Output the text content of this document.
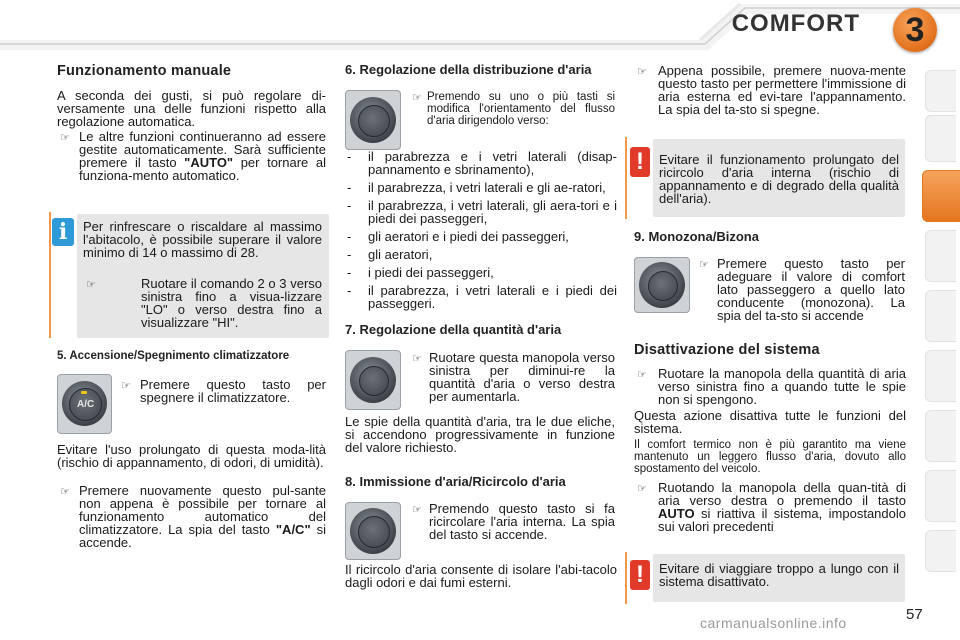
COMFORT	3
Funzionamento manuale
A seconda dei gusti, si può regolare di-versamente una delle funzioni rispetto alla regolazione automatica.
☞ Le altre funzioni continueranno ad essere gestite automaticamente. Sarà sufficiente premere il tasto "AUTO" per tornare al funziona-mento automatico.
i	Per rinfrescare o riscaldare al massimo l'abitacolo, è possibile superare il valore minimo di 14 o massimo di 28.
☞	Ruotare il comando 2 o 3 verso sinistra fino a visua-lizzare "LO" o verso destra fino a visualizzare "HI".
5. Accensione/Spegnimento climatizzatore
A/C
☞ Premere questo tasto per spegnere il climatizzatore.
Evitare l'uso prolungato di questa moda-lità (rischio di appannamento, di odori, di umidità).
☞ Premere nuovamente questo pul-sante non appena è possibile per tornare al funzionamento automatico del climatizzatore. La spia del tasto "A/C" si accende.
6. Regolazione della distribuzione d'aria
☞ Premendo su uno o più tasti si modifica l'orientamento del flusso d'aria dirigendolo verso:
- il parabrezza e i vetri laterali (disap-pannamento e sbrinamento),
- il parabrezza, i vetri laterali e gli ae-ratori,
- il parabrezza, i vetri laterali, gli aera-tori e i piedi dei passeggeri,
- gli aeratori e i piedi dei passeggeri,
- gli aeratori,
- i piedi dei passeggeri,
- il parabrezza, i vetri laterali e i piedi dei passeggeri.
7. Regolazione della quantità d'aria
☞ Ruotare questa manopola verso sinistra per diminui-re la quantità d'aria o verso destra per aumentarla.
Le spie della quantità d'aria, tra le due eliche, si accendono progressivamente in funzione del valore richiesto.
8. Immissione d'aria/Ricircolo d'aria
☞ Premendo questo tasto si fa ricircolare l'aria interna. La spia del tasto si accende.
Il ricircolo d'aria consente di isolare l'abi-tacolo dagli odori e dai fumi esterni.
☞ Appena possibile, premere nuova-mente questo tasto per permettere l'immissione di aria esterna ed evi-tare l'appannamento. La spia del ta-sto si spegne.
!	Evitare il funzionamento prolungato del ricircolo d'aria interna (rischio di appannamento e di degrado della qualità dell'aria).
9. Monozona/Bizona
☞ Premere questo tasto per adeguare il valore di comfort lato passeggero a quello lato conducente (monozona). La spia del ta-sto si accende
Disattivazione del sistema
☞ Ruotare la manopola della quantità di aria verso sinistra fino a quando tutte le spie non si spengono.
Questa azione disattiva tutte le funzioni del sistema.
Il comfort termico non è più garantito ma viene mantenuto un leggero flusso d'aria, dovuto allo spostamento del veicolo.
☞ Ruotando la manopola della quan-tità di aria verso destra o premendo il tasto AUTO si riattiva il sistema, impostandolo sui valori precedenti
!	Evitare di viaggiare troppo a lungo con il sistema disattivato.
carmanualsonline.info	57
